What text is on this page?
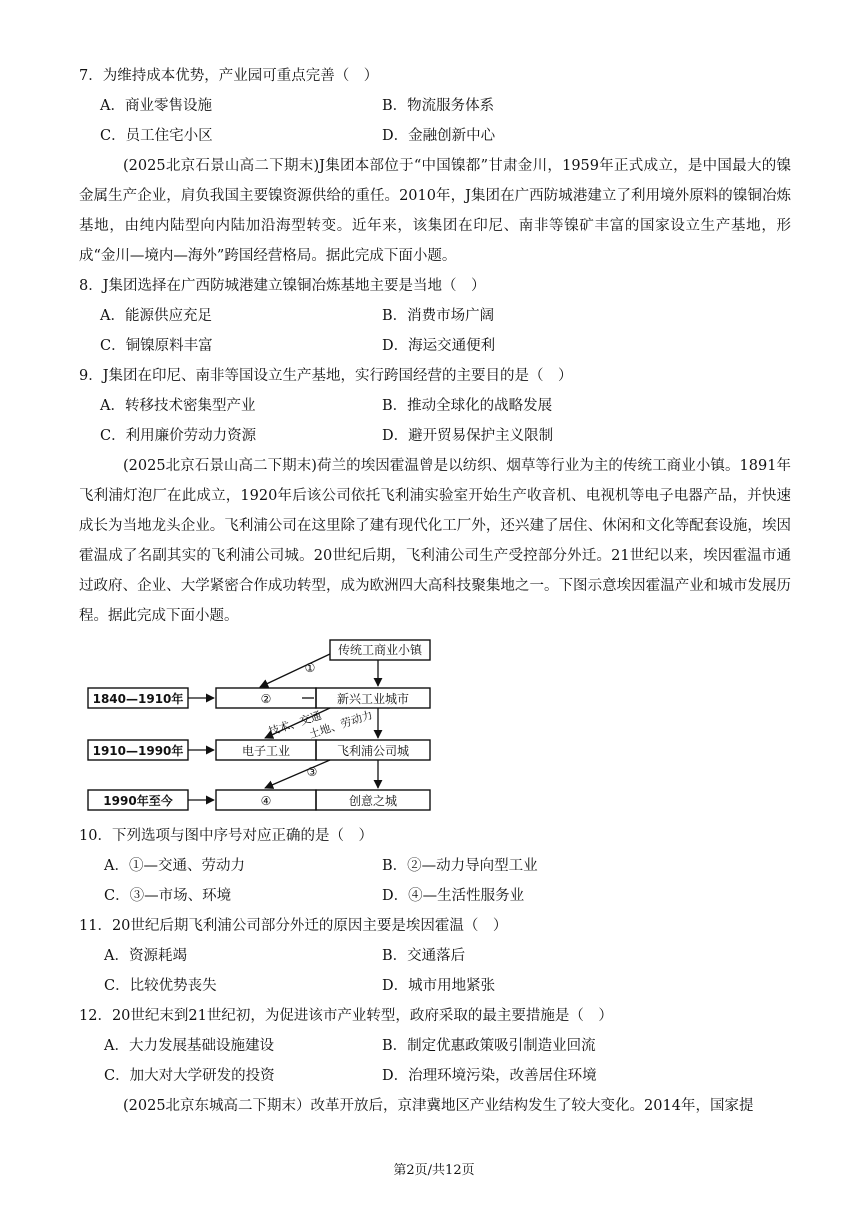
7．为维持成本优势，产业园可重点完善（　）
A．商业零售设施	B．物流服务体系
C．员工住宅小区	D．金融创新中心
(2025北京石景山高二下期末)J集团本部位于“中国镍都”甘肃金川，1959年正式成立，是中国最大的镍金属生产企业，肩负我国主要镍资源供给的重任。2010年，J集团在广西防城港建立了利用境外原料的镍铜冶炼基地，由纯内陆型向内陆加沿海型转变。近年来，该集团在印尼、南非等镍矿丰富的国家设立生产基地，形成“金川—境内—海外”跨国经营格局。据此完成下面小题。
8．J集团选择在广西防城港建立镍铜冶炼基地主要是当地（　）
A．能源供应充足	B．消费市场广阔
C．铜镍原料丰富	D．海运交通便利
9．J集团在印尼、南非等国设立生产基地，实行跨国经营的主要目的是（　）
A．转移技术密集型产业	B．推动全球化的战略发展
C．利用廉价劳动力资源	D．避开贸易保护主义限制
(2025北京石景山高二下期末)荷兰的埃因霍温曾是以纺织、烟草等行业为主的传统工商业小镇。1891年飞利浦灯泡厂在此成立，1920年后该公司依托飞利浦实验室开始生产收音机、电视机等电子电器产品，并快速成长为当地龙头企业。飞利浦公司在这里除了建有现代化工厂外，还兴建了居住、休闲和文化等配套设施，埃因霍温成了名副其实的飞利浦公司城。20世纪后期，飞利浦公司生产受控部分外迁。21世纪以来，埃因霍温市通过政府、企业、大学紧密合作成功转型，成为欧洲四大高科技聚集地之一。下图示意埃因霍温产业和城市发展历程。据此完成下面小题。
传统工商业小镇
1840—1910年	②	新兴工业城市
1910—1990年	电子工业	飞利浦公司城
1990年至今	④	创意之城
①
技术、交通
土地、劳动力
③
10．下列选项与图中序号对应正确的是（　）
A．①—交通、劳动力	B．②—动力导向型工业
C．③—市场、环境	D．④—生活性服务业
11．20世纪后期飞利浦公司部分外迁的原因主要是埃因霍温（　）
A．资源耗竭	B．交通落后
C．比较优势丧失	D．城市用地紧张
12．20世纪末到21世纪初，为促进该市产业转型，政府采取的最主要措施是（　）
A．大力发展基础设施建设	B．制定优惠政策吸引制造业回流
C．加大对大学研发的投资	D．治理环境污染，改善居住环境
(2025北京东城高二下期末）改革开放后，京津冀地区产业结构发生了较大变化。2014年，国家提
第2页/共12页
